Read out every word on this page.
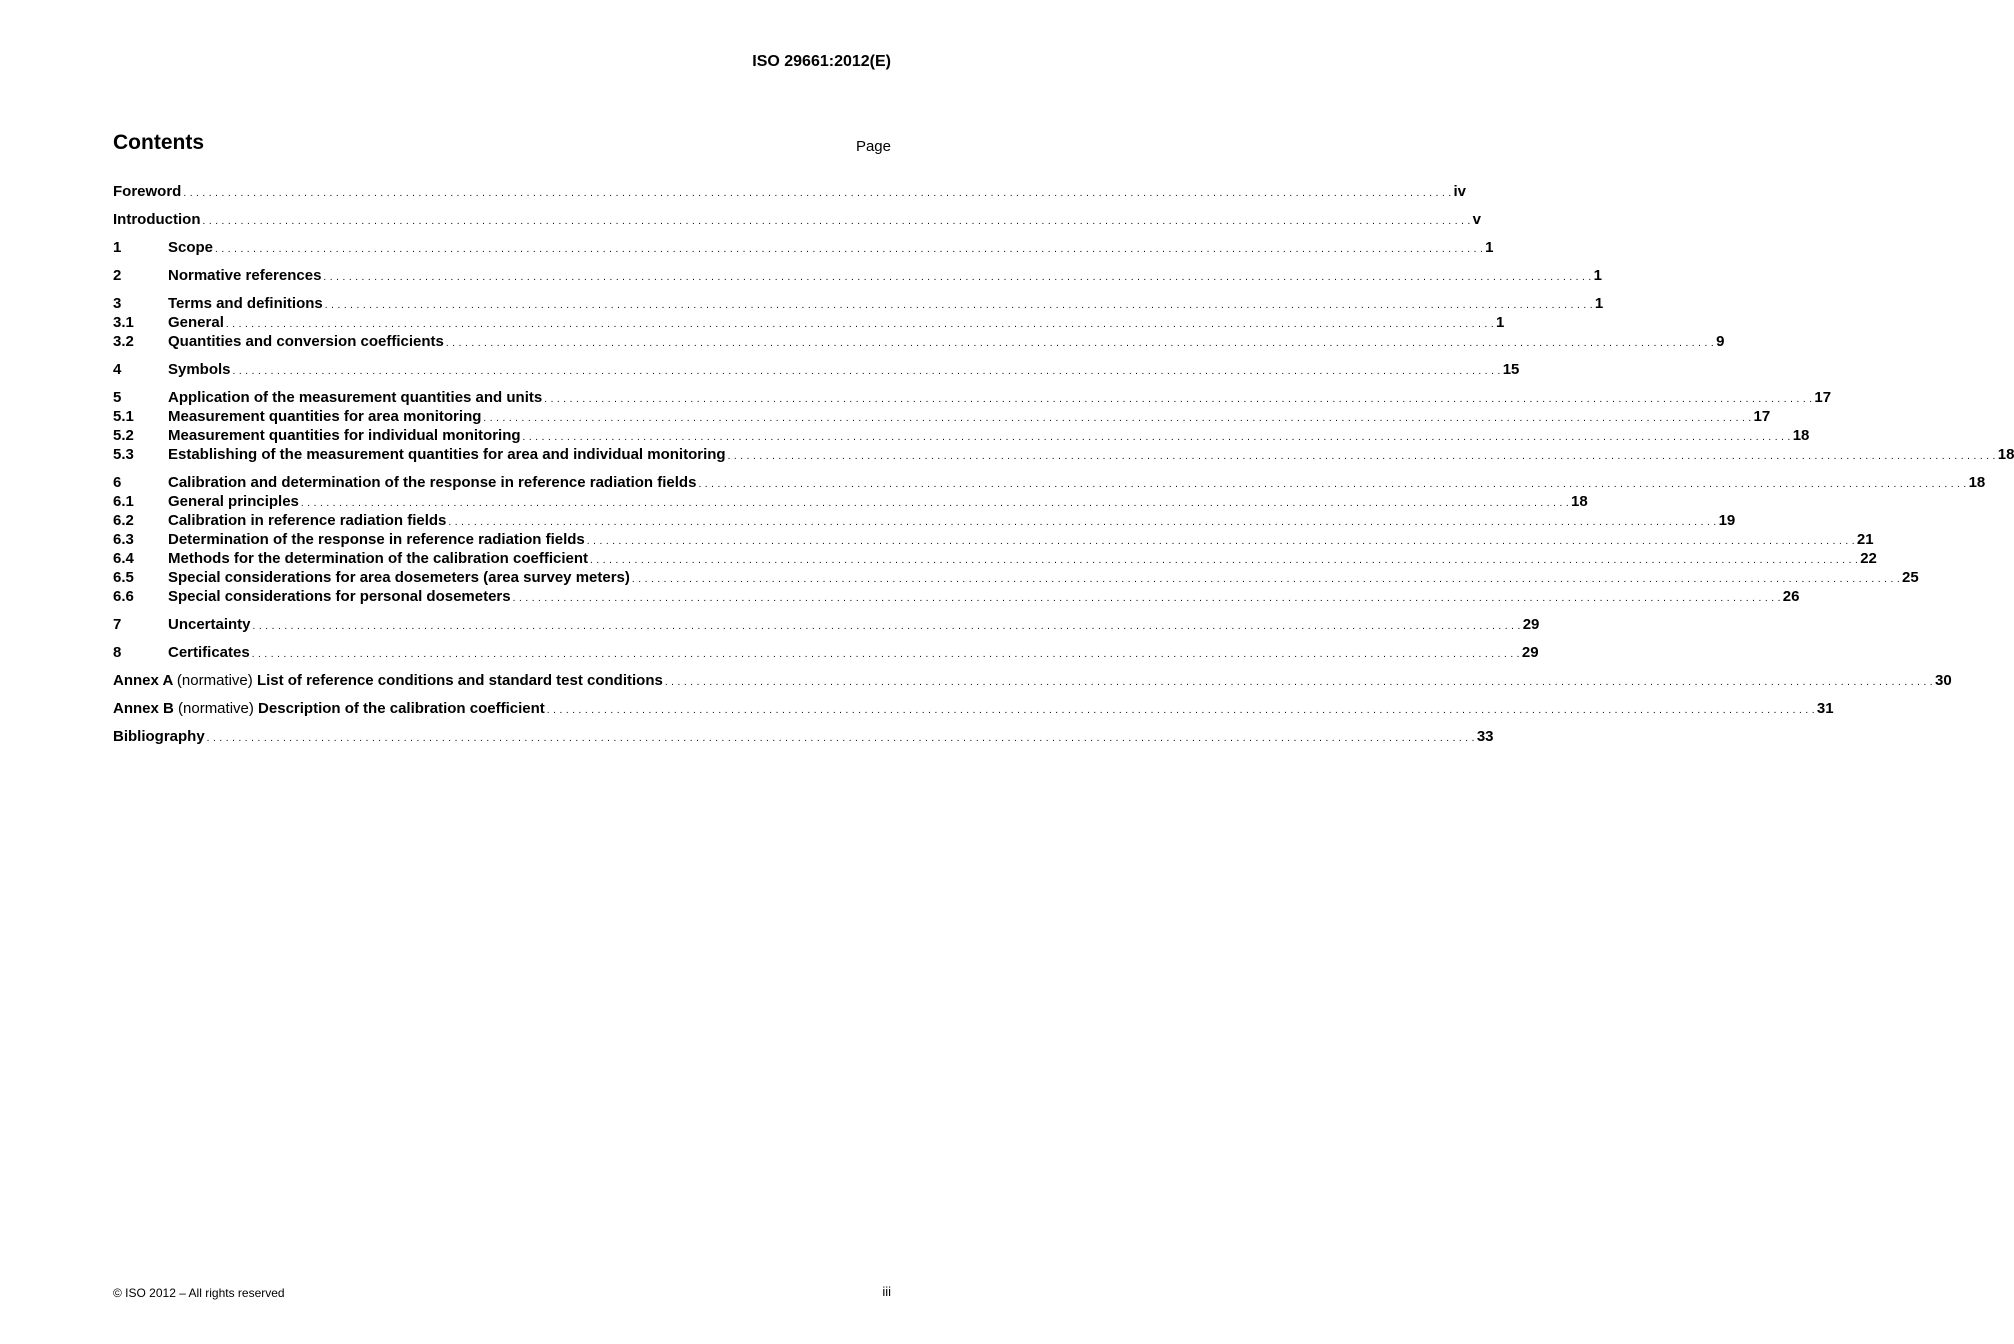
ISO 29661:2012(E)
Contents	Page
Foreword . . . . . . . . . . . . . . . . . . . . . . . . . . . . . . . . . . . . . . . . . . . . . . . . . . . . . . . . . . . . . . . . . . . . . . . . . . . . . . . . . . . . . . . . . . . . . . . . . . . . . . . . . . . . . . . . . . . . . . . . . . . . . . . . . . . . . . . . . . . . . . . . . . . . . . . . . . . . . . . . . . . . . . . . . . . . . . . . . . . . . . . . . . . . . . . . . . . . . . . . iv
Introduction . . . . . . . . . . . . . . . . . . . . . . . . . . . . . . . . . . . . . . . . . . . . . . . . . . . . . . . . . . . . . . . . . . . . . . . . . . . . . . . . . . . . . . . . . . . . . . . . . . . . . . . . . . . . . . . . . . . . . . . . . . . . . . . . . . . . . . . . . . . . . . . . . . . . . . . . . . . . . . . . . . . . . . . . . . . . . . . . . . . . . . . . . . . . . . . . . . . . . . . . v
1	Scope . . . . . . . . . . . . . . . . . . . . . . . . . . . . . . . . . . . . . . . . . . . . . . . . . . . . . . . . . . . . . . . . . . . . . . . . . . . . . . . . . . . . . . . . . . . . . . . . . . . . . . . . . . . . . . . . . . . . . . . . . . . . . . . . . . . . . . . . . . . . . . . . . . . . . . . . . . . . . . . . . . . . . . . . . . . . . . . . . . . . . . . . . . . . . . . . . . . . . . . . 1
2	Normative references . . . . . . . . . . . . . . . . . . . . . . . . . . . . . . . . . . . . . . . . . . . . . . . . . . . . . . . . . . . . . . . . . . . . . . . . . . . . . . . . . . . . . . . . . . . . . . . . . . . . . . . . . . . . . . . . . . . . . . . . . . . . . . . . . . . . . . . . . . . . . . . . . . . . . . . . . . . . . . . . . . . . . . . . . . . . . . . . . . . . . . . . . . . . . . . . . . . . . . . . 1
3	Terms and definitions . . . . . . . . . . . . . . . . . . . . . . . . . . . . . . . . . . . . . . . . . . . . . . . . . . . . . . . . . . . . . . . . . . . . . . . . . . . . . . . . . . . . . . . . . . . . . . . . . . . . . . . . . . . . . . . . . . . . . . . . . . . . . . . . . . . . . . . . . . . . . . . . . . . . . . . . . . . . . . . . . . . . . . . . . . . . . . . . . . . . . . . . . . . . . . . . . . . . . . . . 1
3.1	General . . . . . . . . . . . . . . . . . . . . . . . . . . . . . . . . . . . . . . . . . . . . . . . . . . . . . . . . . . . . . . . . . . . . . . . . . . . . . . . . . . . . . . . . . . . . . . . . . . . . . . . . . . . . . . . . . . . . . . . . . . . . . . . . . . . . . . . . . . . . . . . . . . . . . . . . . . . . . . . . . . . . . . . . . . . . . . . . . . . . . . . . . . . . . . . . . . . . . . . . 1
3.2	Quantities and conversion coefficients . . . . . . . . . . . . . . . . . . . . . . . . . . . . . . . . . . . . . . . . . . . . . . . . . . . . . . . . . . . . . . . . . . . . . . . . . . . . . . . . . . . . . . . . . . . . . . . . . . . . . . . . . . . . . . . . . . . . . . . . . . . . . . . . . . . . . . . . . . . . . . . . . . . . . . . . . . . . . . . . . . . . . . . . . . . . . . . . . . . . . . . . . . . . . . . . . . . . . . . . 9
4	Symbols . . . . . . . . . . . . . . . . . . . . . . . . . . . . . . . . . . . . . . . . . . . . . . . . . . . . . . . . . . . . . . . . . . . . . . . . . . . . . . . . . . . . . . . . . . . . . . . . . . . . . . . . . . . . . . . . . . . . . . . . . . . . . . . . . . . . . . . . . . . . . . . . . . . . . . . . . . . . . . . . . . . . . . . . . . . . . . . . . . . . . . . . . . . . . . . . . . . . . . . . 15
5	Application of the measurement quantities and units . . . . . . . . . . . . . . . . . . . . . . . . . . . . . . . . . . . . . . . . . . . . . . . . . . . . . . . . . . . . . . . . . . . . . . . . . . . . . . . . . . . . . . . . . . . . . . . . . . . . . . . . . . . . . . . . . . . . . . . . . . . . . . . . . . . . . . . . . . . . . . . . . . . . . . . . . . . . . . . . . . . . . . . . . . . . . . . . . . . . . . . . . . . . . . . . . . . . . . . . 17
5.1	Measurement quantities for area monitoring . . . . . . . . . . . . . . . . . . . . . . . . . . . . . . . . . . . . . . . . . . . . . . . . . . . . . . . . . . . . . . . . . . . . . . . . . . . . . . . . . . . . . . . . . . . . . . . . . . . . . . . . . . . . . . . . . . . . . . . . . . . . . . . . . . . . . . . . . . . . . . . . . . . . . . . . . . . . . . . . . . . . . . . . . . . . . . . . . . . . . . . . . . . . . . . . . . . . . . . . 17
5.2	Measurement quantities for individual monitoring . . . . . . . . . . . . . . . . . . . . . . . . . . . . . . . . . . . . . . . . . . . . . . . . . . . . . . . . . . . . . . . . . . . . . . . . . . . . . . . . . . . . . . . . . . . . . . . . . . . . . . . . . . . . . . . . . . . . . . . . . . . . . . . . . . . . . . . . . . . . . . . . . . . . . . . . . . . . . . . . . . . . . . . . . . . . . . . . . . . . . . . . . . . . . . . . . . . . . . . . 18
5.3	Establishing of the measurement quantities for area and individual monitoring . . . . . . . . . . . . . . . . . . . . . . . . . . . . . . . . . . . . . . . . . . . . . . . . . . . . . . . . . . . . . . . . . . . . . . . . . . . . . . . . . . . . . . . . . . . . . . . . . . . . . . . . . . . . . . . . . . . . . . . . . . . . . . . . . . . . . . . . . . . . . . . . . . . . . . . . . . . . . . . . . . . . . . . . . . . . . . . . . . . . . . . . . . . . . . . . . . . . . . . . 18
6	Calibration and determination of the response in reference radiation fields . . . . . . . . . . . . . . . . . . . . . . . . . . . . . . . . . . . . . . . . . . . . . . . . . . . . . . . . . . . . . . . . . . . . . . . . . . . . . . . . . . . . . . . . . . . . . . . . . . . . . . . . . . . . . . . . . . . . . . . . . . . . . . . . . . . . . . . . . . . . . . . . . . . . . . . . . . . . . . . . . . . . . . . . . . . . . . . . . . . . . . . . . . . . . . . . . . . . . . . . 18
6.1	General principles . . . . . . . . . . . . . . . . . . . . . . . . . . . . . . . . . . . . . . . . . . . . . . . . . . . . . . . . . . . . . . . . . . . . . . . . . . . . . . . . . . . . . . . . . . . . . . . . . . . . . . . . . . . . . . . . . . . . . . . . . . . . . . . . . . . . . . . . . . . . . . . . . . . . . . . . . . . . . . . . . . . . . . . . . . . . . . . . . . . . . . . . . . . . . . . . . . . . . . . . 18
6.2	Calibration in reference radiation fields . . . . . . . . . . . . . . . . . . . . . . . . . . . . . . . . . . . . . . . . . . . . . . . . . . . . . . . . . . . . . . . . . . . . . . . . . . . . . . . . . . . . . . . . . . . . . . . . . . . . . . . . . . . . . . . . . . . . . . . . . . . . . . . . . . . . . . . . . . . . . . . . . . . . . . . . . . . . . . . . . . . . . . . . . . . . . . . . . . . . . . . . . . . . . . . . . . . . . . . . 19
6.3	Determination of the response in reference radiation fields . . . . . . . . . . . . . . . . . . . . . . . . . . . . . . . . . . . . . . . . . . . . . . . . . . . . . . . . . . . . . . . . . . . . . . . . . . . . . . . . . . . . . . . . . . . . . . . . . . . . . . . . . . . . . . . . . . . . . . . . . . . . . . . . . . . . . . . . . . . . . . . . . . . . . . . . . . . . . . . . . . . . . . . . . . . . . . . . . . . . . . . . . . . . . . . . . . . . . . . . 21
6.4	Methods for the determination of the calibration coefficient . . . . . . . . . . . . . . . . . . . . . . . . . . . . . . . . . . . . . . . . . . . . . . . . . . . . . . . . . . . . . . . . . . . . . . . . . . . . . . . . . . . . . . . . . . . . . . . . . . . . . . . . . . . . . . . . . . . . . . . . . . . . . . . . . . . . . . . . . . . . . . . . . . . . . . . . . . . . . . . . . . . . . . . . . . . . . . . . . . . . . . . . . . . . . . . . . . . . . . . . 22
6.5	Special considerations for area dosemeters (area survey meters) . . . . . . . . . . . . . . . . . . . . . . . . . . . . . . . . . . . . . . . . . . . . . . . . . . . . . . . . . . . . . . . . . . . . . . . . . . . . . . . . . . . . . . . . . . . . . . . . . . . . . . . . . . . . . . . . . . . . . . . . . . . . . . . . . . . . . . . . . . . . . . . . . . . . . . . . . . . . . . . . . . . . . . . . . . . . . . . . . . . . . . . . . . . . . . . . . . . . . . . . 25
6.6	Special considerations for personal dosemeters . . . . . . . . . . . . . . . . . . . . . . . . . . . . . . . . . . . . . . . . . . . . . . . . . . . . . . . . . . . . . . . . . . . . . . . . . . . . . . . . . . . . . . . . . . . . . . . . . . . . . . . . . . . . . . . . . . . . . . . . . . . . . . . . . . . . . . . . . . . . . . . . . . . . . . . . . . . . . . . . . . . . . . . . . . . . . . . . . . . . . . . . . . . . . . . . . . . . . . . . 26
7	Uncertainty . . . . . . . . . . . . . . . . . . . . . . . . . . . . . . . . . . . . . . . . . . . . . . . . . . . . . . . . . . . . . . . . . . . . . . . . . . . . . . . . . . . . . . . . . . . . . . . . . . . . . . . . . . . . . . . . . . . . . . . . . . . . . . . . . . . . . . . . . . . . . . . . . . . . . . . . . . . . . . . . . . . . . . . . . . . . . . . . . . . . . . . . . . . . . . . . . . . . . . . . 29
8	Certificates . . . . . . . . . . . . . . . . . . . . . . . . . . . . . . . . . . . . . . . . . . . . . . . . . . . . . . . . . . . . . . . . . . . . . . . . . . . . . . . . . . . . . . . . . . . . . . . . . . . . . . . . . . . . . . . . . . . . . . . . . . . . . . . . . . . . . . . . . . . . . . . . . . . . . . . . . . . . . . . . . . . . . . . . . . . . . . . . . . . . . . . . . . . . . . . . . . . . . . . . 29
Annex A (normative) List of reference conditions and standard test conditions . . . . . . . . . . . . . . . . . . . . . . . . . . . . . . . . . . . . . . . . . . . . . . . . . . . . . . . . . . . . . . . . . . . . . . . . . . . . . . . . . . . . . . . . . . . . . . . . . . . . . . . . . . . . . . . . . . . . . . . . . . . . . . . . . . . . . . . . . . . . . . . . . . . . . . . . . . . . . . . . . . . . . . . . . . . . . . . . . . . . . . . . . . . . . . . . . . . . . . . . 30
Annex B (normative) Description of the calibration coefficient . . . . . . . . . . . . . . . . . . . . . . . . . . . . . . . . . . . . . . . . . . . . . . . . . . . . . . . . . . . . . . . . . . . . . . . . . . . . . . . . . . . . . . . . . . . . . . . . . . . . . . . . . . . . . . . . . . . . . . . . . . . . . . . . . . . . . . . . . . . . . . . . . . . . . . . . . . . . . . . . . . . . . . . . . . . . . . . . . . . . . . . . . . . . . . . . . . . . . . . . 31
Bibliography . . . . . . . . . . . . . . . . . . . . . . . . . . . . . . . . . . . . . . . . . . . . . . . . . . . . . . . . . . . . . . . . . . . . . . . . . . . . . . . . . . . . . . . . . . . . . . . . . . . . . . . . . . . . . . . . . . . . . . . . . . . . . . . . . . . . . . . . . . . . . . . . . . . . . . . . . . . . . . . . . . . . . . . . . . . . . . . . . . . . . . . . . . . . . . . . . . . . . . . . 33
© ISO 2012 – All rights reserved	iii
